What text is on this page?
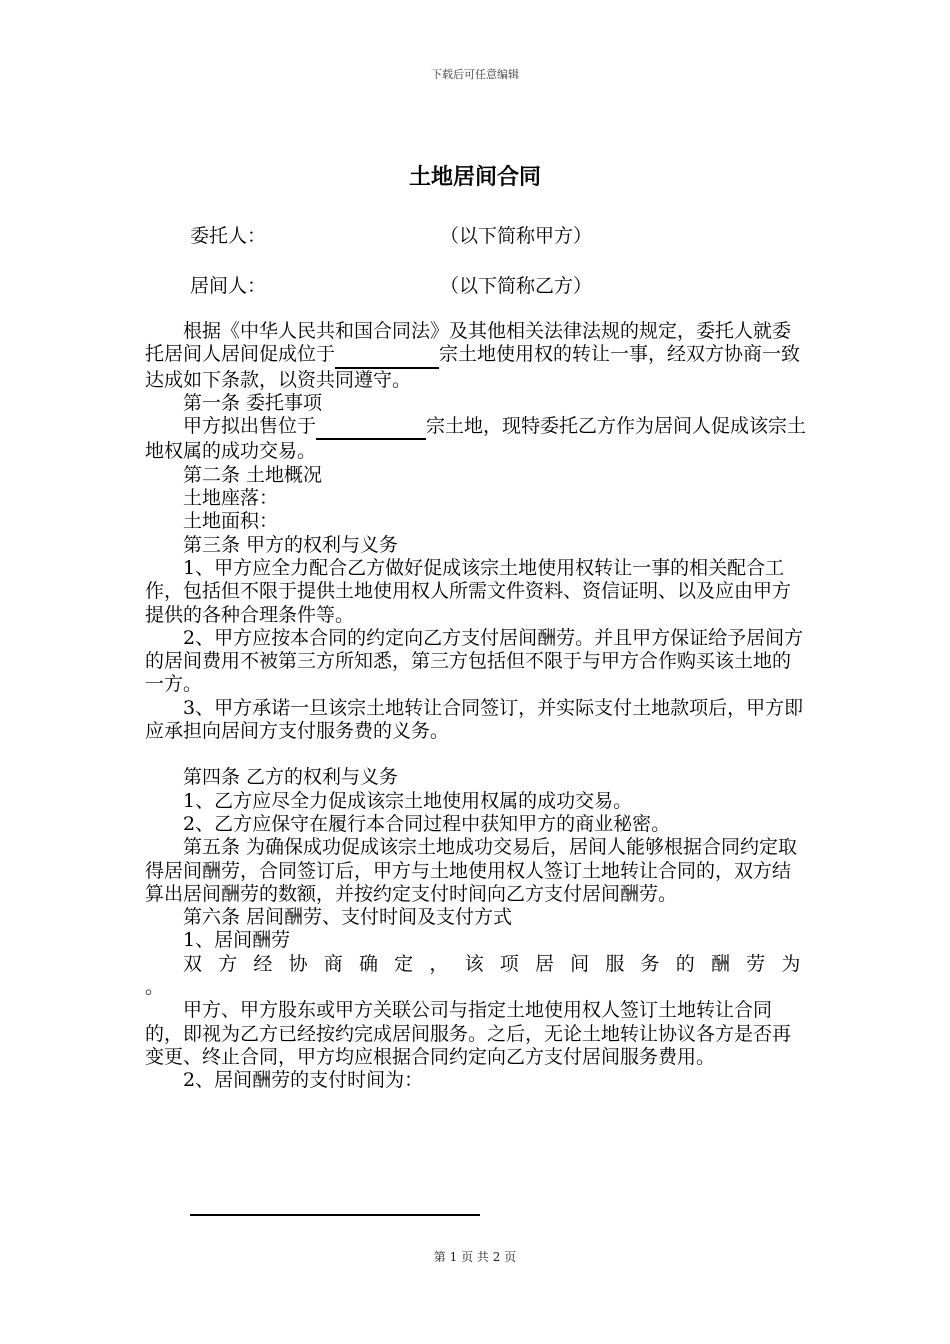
下载后可任意编辑
土地居间合同
委托人：	（以下简称甲方）
居间人：	（以下简称乙方）

根据《中华人民共和国合同法》及其他相关法律法规的规定，委托人就委托居间人居间促成位于	宗土地使用权的转让一事，经双方协商一致达成如下条款，以资共同遵守。

第一条 委托事项

甲方拟出售位于	宗土地，现特委托乙方作为居间人促成该宗土地权属的成功交易。

第二条 土地概况

土地座落：

土地面积：

第三条 甲方的权利与义务

1、甲方应全力配合乙方做好促成该宗土地使用权转让一事的相关配合工作，包括但不限于提供土地使用权人所需文件资料、资信证明、以及应由甲方提供的各种合理条件等。

2、甲方应按本合同的约定向乙方支付居间酬劳。并且甲方保证给予居间方的居间费用不被第三方所知悉，第三方包括但不限于与甲方合作购买该土地的一方。

3、甲方承诺一旦该宗土地转让合同签订，并实际支付土地款项后，甲方即应承担向居间方支付服务费的义务。

第四条 乙方的权利与义务

1、乙方应尽全力促成该宗土地使用权属的成功交易。

2、乙方应保守在履行本合同过程中获知甲方的商业秘密。

第五条 为确保成功促成该宗土地成功交易后，居间人能够根据合同约定取得居间酬劳，合同签订后，甲方与土地使用权人签订土地转让合同的，双方结算出居间酬劳的数额，并按约定支付时间向乙方支付居间酬劳。

第六条 居间酬劳、支付时间及支付方式

1、居间酬劳

双方经协商确定，该项居间服务的酬劳为

。

甲方、甲方股东或甲方关联公司与指定土地使用权人签订土地转让合同的，即视为乙方已经按约完成居间服务。之后，无论土地转让协议各方是否再变更、终止合同，甲方均应根据合同约定向乙方支付居间服务费用。

2、居间酬劳的支付时间为：

第 1 页 共 2 页
